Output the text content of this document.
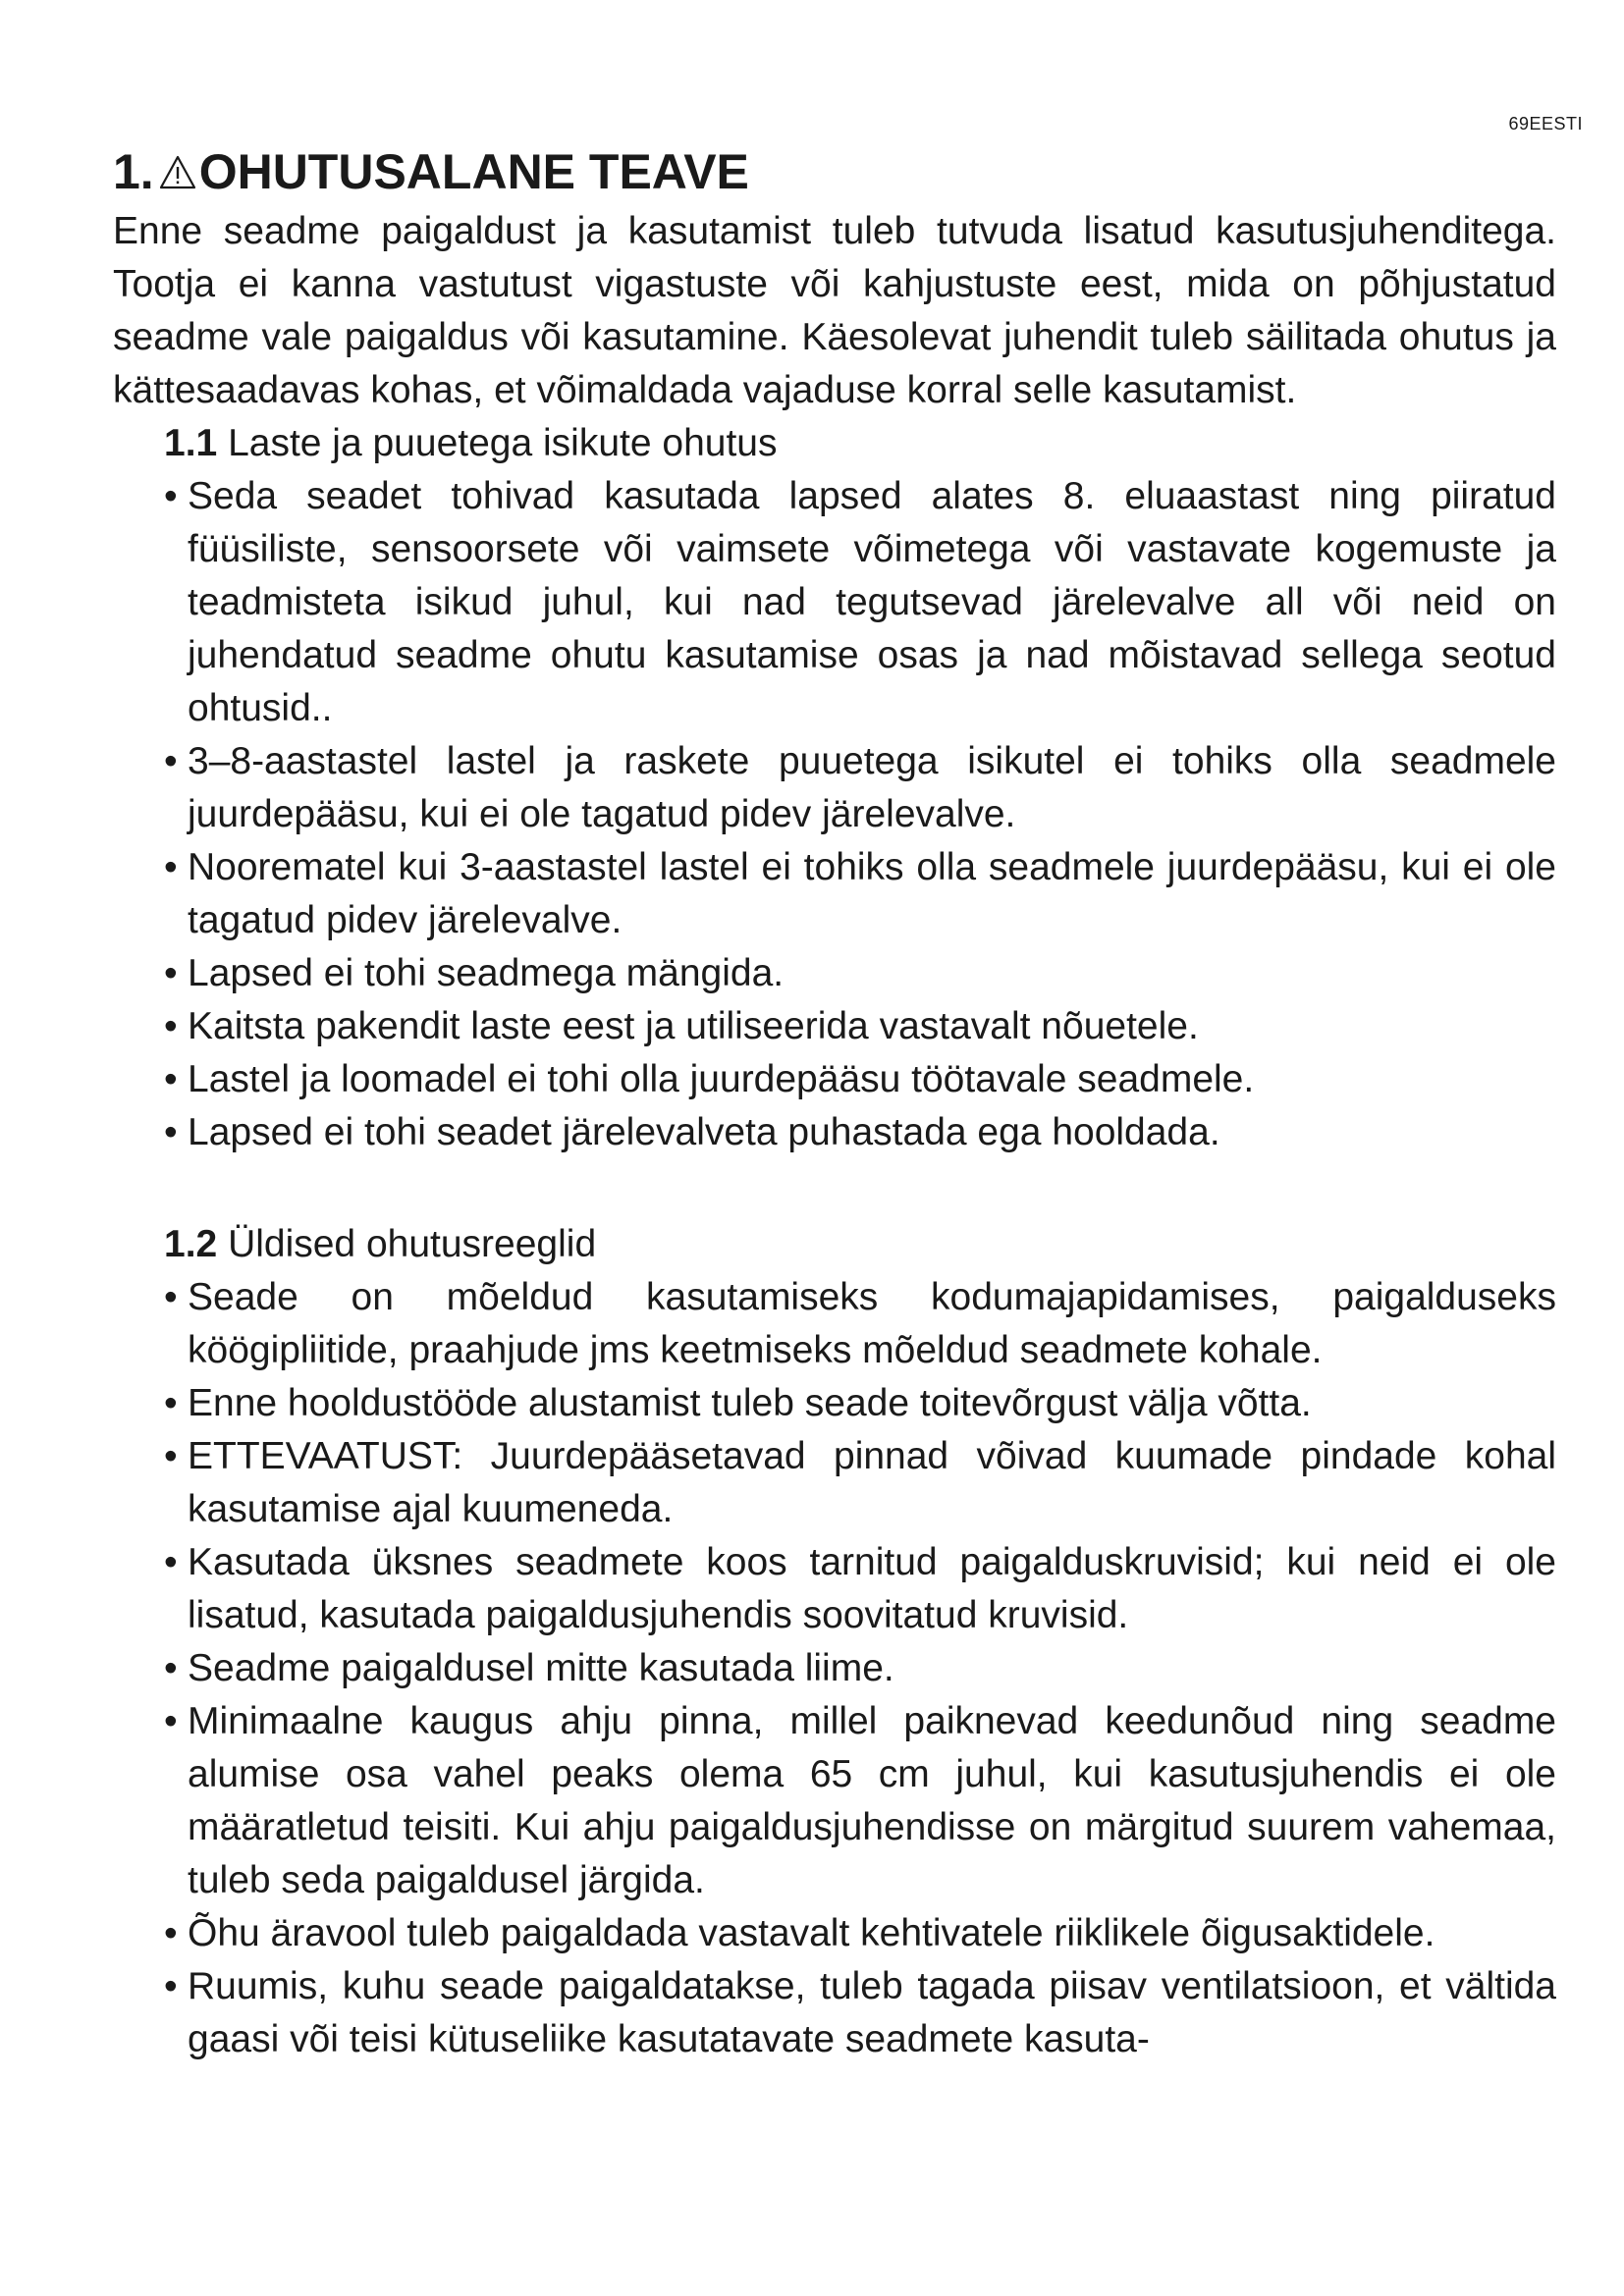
69EESTI
1. OHUTUSALANE TEAVE

Enne seadme paigaldust ja kasutamist tuleb tutvuda lisatud kasutusjuhenditega. Tootja ei kanna vastutust vigastuste või kahjustuste eest, mida on põhjustatud seadme vale paigaldus või kasutamine. Käesolevat juhendit tuleb säilitada ohutus ja kättesaadavas kohas, et võimaldada vajaduse korral selle kasutamist.

1.1 Laste ja puuetega isikute ohutus

• Seda seadet tohivad kasutada lapsed alates 8. eluaastast ning piiratud füüsiliste, sensoorsete või vaimsete võimetega või vastavate kogemuste ja teadmisteta isikud juhul, kui nad tegutsevad järelevalve all või neid on juhendatud seadme ohutu kasutamise osas ja nad mõistavad sellega seotud ohtusid..
• 3–8-aastastel lastel ja raskete puuetega isikutel ei tohiks olla seadmele juurdepääsu, kui ei ole tagatud pidev järelevalve.
• Noorematel kui 3-aastastel lastel ei tohiks olla seadmele juurdepääsu, kui ei ole tagatud pidev järelevalve.
• Lapsed ei tohi seadmega mängida.
• Kaitsta pakendit laste eest ja utiliseerida vastavalt nõuetele.
• Lastel ja loomadel ei tohi olla juurdepääsu töötavale seadmele.
• Lapsed ei tohi seadet järelevalveta puhastada ega hooldada.

1.2 Üldised ohutusreeglid

• Seade on mõeldud kasutamiseks kodumajapidamises, paigalduseks köögipliitide, praahjude jms keetmiseks mõeldud seadmete kohale.
• Enne hooldustööde alustamist tuleb seade toitevõrgust välja võtta.
• ETTEVAATUST: Juurdepääsetavad pinnad võivad kuumade pindade kohal kasutamise ajal kuumeneda.
• Kasutada üksnes seadmete koos tarnitud paigalduskruvisid; kui neid ei ole lisatud, kasutada paigaldusjuhendis soovitatud kruvisid.
• Seadme paigaldusel mitte kasutada liime.
• Minimaalne kaugus ahju pinna, millel paiknevad keedunõud ning seadme alumise osa vahel peaks olema 65 cm juhul, kui kasutusjuhendis ei ole määratletud teisiti. Kui ahju paigaldusjuhendisse on märgitud suurem vahemaa, tuleb seda paigaldusel järgida.
• Õhu äravool tuleb paigaldada vastavalt kehtivatele riiklikele õigusaktidele.
• Ruumis, kuhu seade paigaldatakse, tuleb tagada piisav ventilatsioon, et vältida gaasi või teisi kütuseliike kasutatavate seadmete kasuta-
